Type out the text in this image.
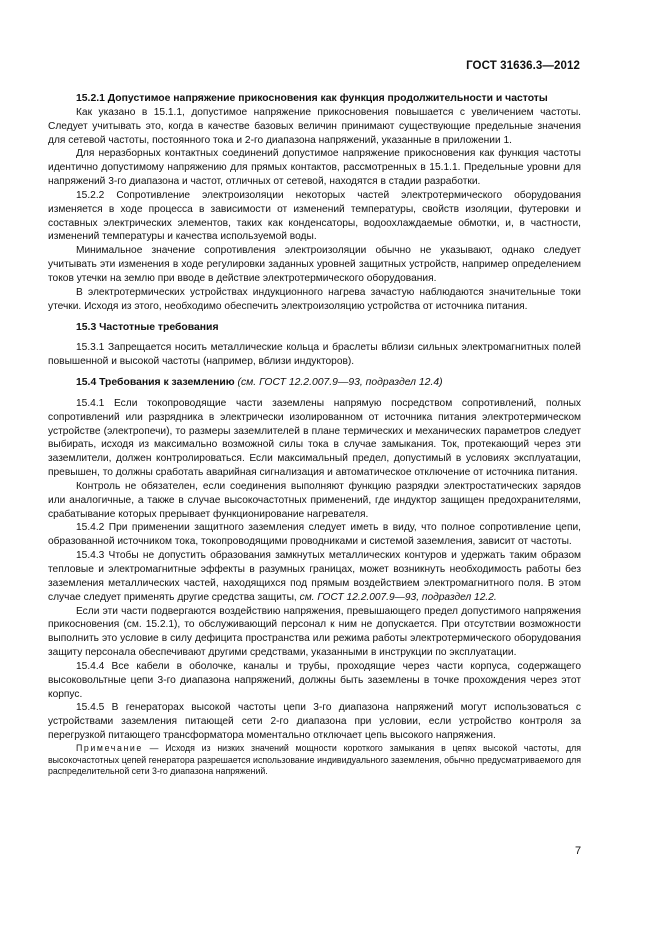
ГОСТ 31636.3—2012
15.2.1 Допустимое напряжение прикосновения как функция продолжительности и частоты

Как указано в 15.1.1, допустимое напряжение прикосновения повышается с увеличением частоты. Следует учитывать это, когда в качестве базовых величин принимают существующие предельные значения для сетевой частоты, постоянного тока и 2-го диапазона напряжений, указанные в приложении 1.

Для неразборных контактных соединений допустимое напряжение прикосновения как функция частоты идентично допустимому напряжению для прямых контактов, рассмотренных в 15.1.1. Предельные уровни для напряжений 3-го диапазона и частот, отличных от сетевой, находятся в стадии разработки.

15.2.2 Сопротивление электроизоляции некоторых частей электротермического оборудования изменяется в ходе процесса в зависимости от изменений температуры, свойств изоляции, футеровки и составных электрических элементов, таких как конденсаторы, водоохлаждаемые обмотки, и, в частности, изменений температуры и качества используемой воды.

Минимальное значение сопротивления электроизоляции обычно не указывают, однако следует учитывать эти изменения в ходе регулировки заданных уровней защитных устройств, например определением токов утечки на землю при вводе в действие электротермического оборудования.

В электротермических устройствах индукционного нагрева зачастую наблюдаются значительные токи утечки. Исходя из этого, необходимо обеспечить электроизоляцию устройства от источника питания.

15.3 Частотные требования

15.3.1 Запрещается носить металлические кольца и браслеты вблизи сильных электромагнитных полей повышенной и высокой частоты (например, вблизи индукторов).

15.4 Требования к заземлению (см. ГОСТ 12.2.007.9—93, подраздел 12.4)

15.4.1 Если токопроводящие части заземлены напрямую посредством сопротивлений, полных сопротивлений или разрядника в электрически изолированном от источника питания электротермическом устройстве (электропечи), то размеры заземлителей в плане термических и механических параметров следует выбирать, исходя из максимально возможной силы тока в случае замыкания. Ток, протекающий через эти заземлители, должен контролироваться. Если максимальный предел, допустимый в условиях эксплуатации, превышен, то должны сработать аварийная сигнализация и автоматическое отключение от источника питания.

Контроль не обязателен, если соединения выполняют функцию разрядки электростатических зарядов или аналогичные, а также в случае высокочастотных применений, где индуктор защищен предохранителями, срабатывание которых прерывает функционирование нагревателя.

15.4.2 При применении защитного заземления следует иметь в виду, что полное сопротивление цепи, образованной источником тока, токопроводящими проводниками и системой заземления, зависит от частоты.

15.4.3 Чтобы не допустить образования замкнутых металлических контуров и удержать таким образом тепловые и электромагнитные эффекты в разумных границах, может возникнуть необходимость работы без заземления металлических частей, находящихся под прямым воздействием электромагнитного поля. В этом случае следует применять другие средства защиты, см. ГОСТ 12.2.007.9—93, подраздел 12.2.

Если эти части подвергаются воздействию напряжения, превышающего предел допустимого напряжения прикосновения (см. 15.2.1), то обслуживающий персонал к ним не допускается. При отсутствии возможности выполнить это условие в силу дефицита пространства или режима работы электротермического оборудования защиту персонала обеспечивают другими средствами, указанными в инструкции по эксплуатации.

15.4.4 Все кабели в оболочке, каналы и трубы, проходящие через части корпуса, содержащего высоковольтные цепи 3-го диапазона напряжений, должны быть заземлены в точке прохождения через этот корпус.

15.4.5 В генераторах высокой частоты цепи 3-го диапазона напряжений могут использоваться с устройствами заземления питающей сети 2-го диапазона при условии, если устройство контроля за перегрузкой питающего трансформатора моментально отключает цепь высокого напряжения.

Примечание — Исходя из низких значений мощности короткого замыкания в цепях высокой частоты, для высокочастотных цепей генератора разрешается использование индивидуального заземления, обычно предусматриваемого для распределительной сети 3-го диапазона напряжений.

7
